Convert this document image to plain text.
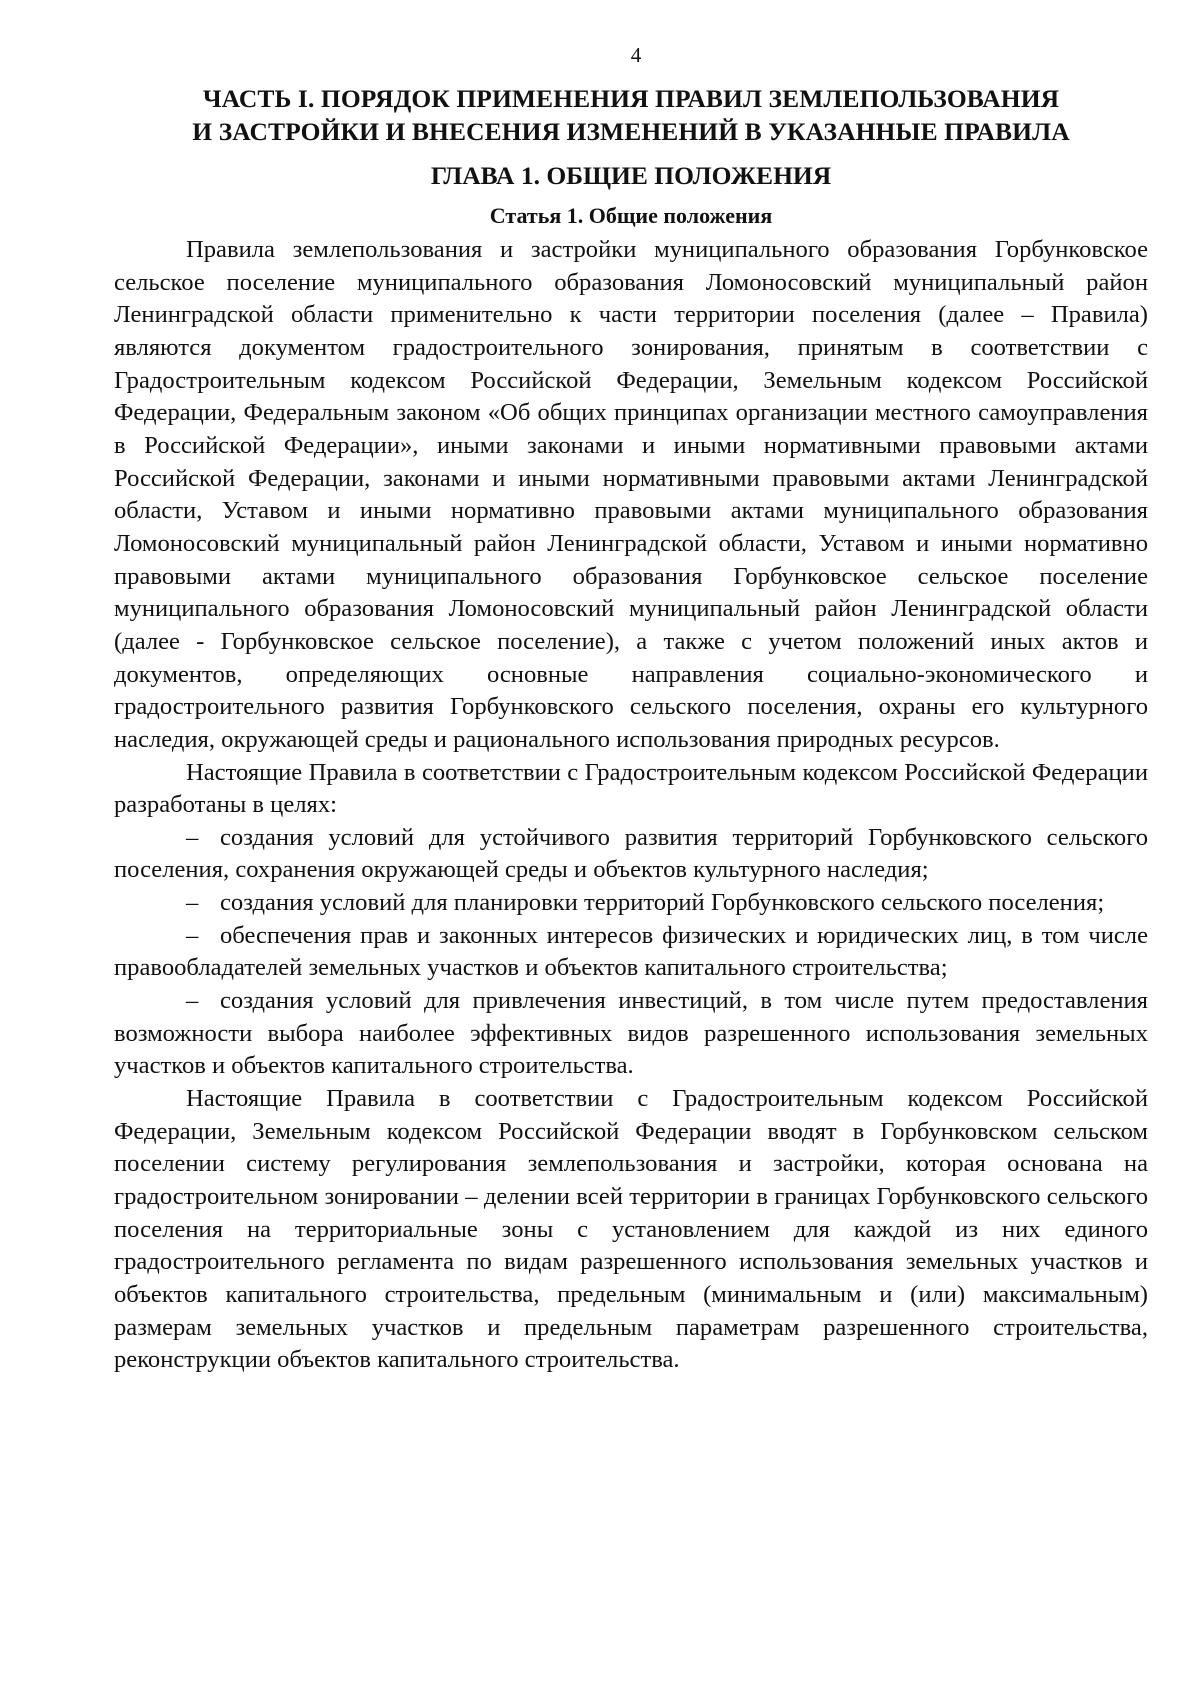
4
ЧАСТЬ I. ПОРЯДОК ПРИМЕНЕНИЯ ПРАВИЛ ЗЕМЛЕПОЛЬЗОВАНИЯ
И ЗАСТРОЙКИ И ВНЕСЕНИЯ ИЗМЕНЕНИЙ В УКАЗАННЫЕ ПРАВИЛА
ГЛАВА 1. ОБЩИЕ ПОЛОЖЕНИЯ
Статья 1. Общие положения

Правила землепользования и застройки муниципального образования Горбунковское сельское поселение муниципального образования Ломоносовский муниципальный район Ленинградской области применительно к части территории поселения (далее – Правила) являются документом градостроительного зонирования, принятым в соответствии с Градостроительным кодексом Российской Федерации, Земельным кодексом Российской Федерации, Федеральным законом «Об общих принципах организации местного самоуправления в Российской Федерации», иными законами и иными нормативными правовыми актами Российской Федерации, законами и иными нормативными правовыми актами Ленинградской области, Уставом и иными нормативно правовыми актами муниципального образования Ломоносовский муниципальный район Ленинградской области, Уставом и иными нормативно правовыми актами муниципального образования Горбунковское сельское поселение муниципального образования Ломоносовский муниципальный район Ленинградской области (далее - Горбунковское сельское поселение), а также с учетом положений иных актов и документов, определяющих основные направления социально-экономического и градостроительного развития Горбунковского сельского поселения, охраны его культурного наследия, окружающей среды и рационального использования природных ресурсов.

Настоящие Правила в соответствии с Градостроительным кодексом Российской Федерации разработаны в целях:

– создания условий для устойчивого развития территорий Горбунковского сельского поселения, сохранения окружающей среды и объектов культурного наследия;

– создания условий для планировки территорий Горбунковского сельского поселения;

– обеспечения прав и законных интересов физических и юридических лиц, в том числе правообладателей земельных участков и объектов капитального строительства;

– создания условий для привлечения инвестиций, в том числе путем предоставления возможности выбора наиболее эффективных видов разрешенного использования земельных участков и объектов капитального строительства.

Настоящие Правила в соответствии с Градостроительным кодексом Российской Федерации, Земельным кодексом Российской Федерации вводят в Горбунковском сельском поселении систему регулирования землепользования и застройки, которая основана на градостроительном зонировании – делении всей территории в границах Горбунковского сельского поселения на территориальные зоны с установлением для каждой из них единого градостроительного регламента по видам разрешенного использования земельных участков и объектов капитального строительства, предельным (минимальным и (или) максимальным) размерам земельных участков и предельным параметрам разрешенного строительства, реконструкции объектов капитального строительства.
